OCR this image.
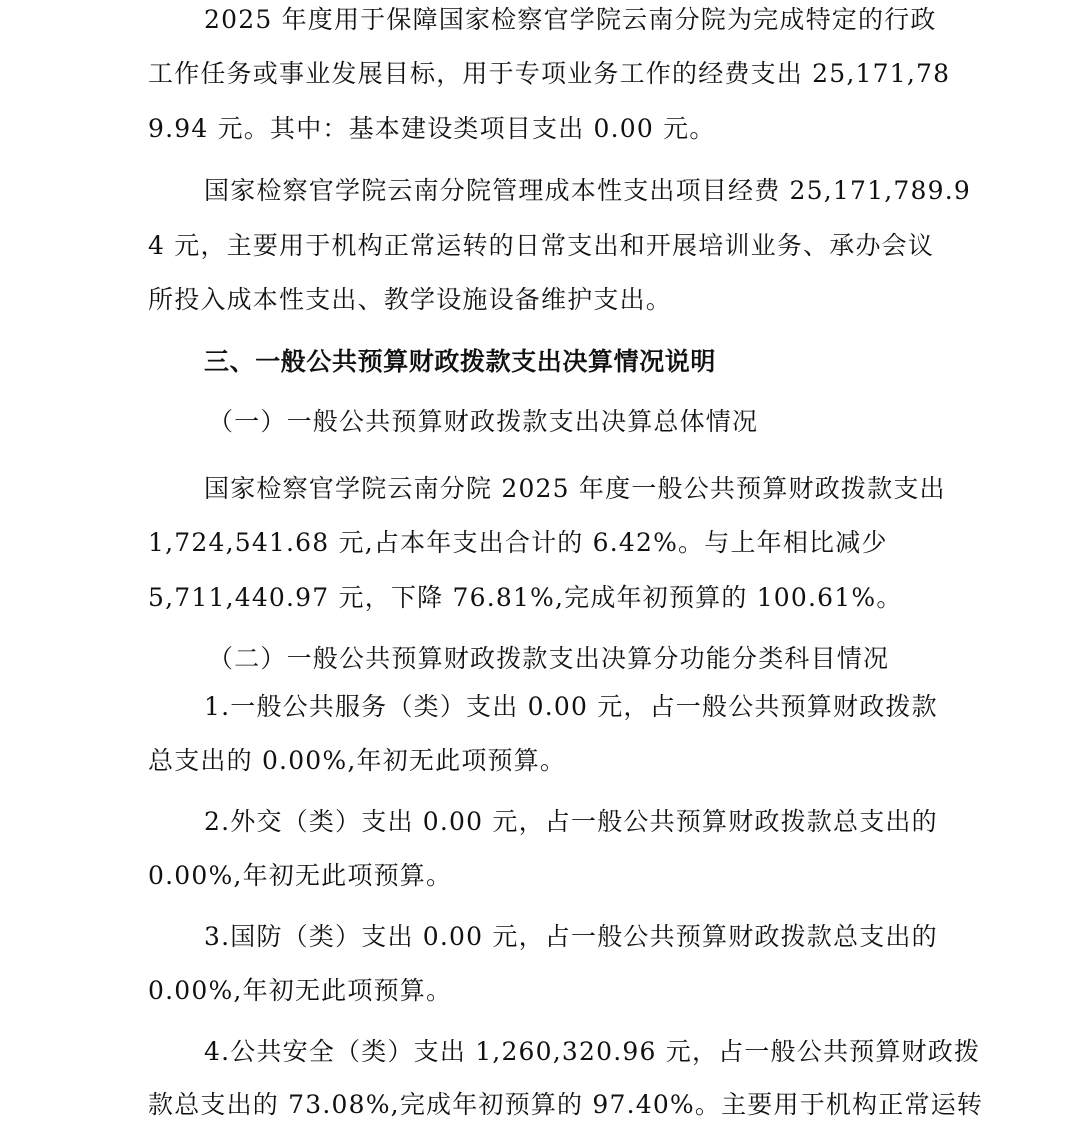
2025 年度用于保障国家检察官学院云南分院为完成特定的行政
工作任务或事业发展目标，用于专项业务工作的经费支出 25,171,78
9.94 元。其中：基本建设类项目支出 0.00 元。
国家检察官学院云南分院管理成本性支出项目经费 25,171,789.9
4 元，主要用于机构正常运转的日常支出和开展培训业务、承办会议
所投入成本性支出、教学设施设备维护支出。
三、一般公共预算财政拨款支出决算情况说明
（一）一般公共预算财政拨款支出决算总体情况
国家检察官学院云南分院 2025 年度一般公共预算财政拨款支出
1,724,541.68 元,占本年支出合计的 6.42%。与上年相比减少
5,711,440.97 元，下降 76.81%,完成年初预算的 100.61%。
（二）一般公共预算财政拨款支出决算分功能分类科目情况
1.一般公共服务（类）支出 0.00 元，占一般公共预算财政拨款
总支出的 0.00%,年初无此项预算。
2.外交（类）支出 0.00 元，占一般公共预算财政拨款总支出的
0.00%,年初无此项预算。
3.国防（类）支出 0.00 元，占一般公共预算财政拨款总支出的
0.00%,年初无此项预算。
4.公共安全（类）支出 1,260,320.96 元，占一般公共预算财政拨
款总支出的 73.08%,完成年初预算的 97.40%。主要用于机构正常运转
